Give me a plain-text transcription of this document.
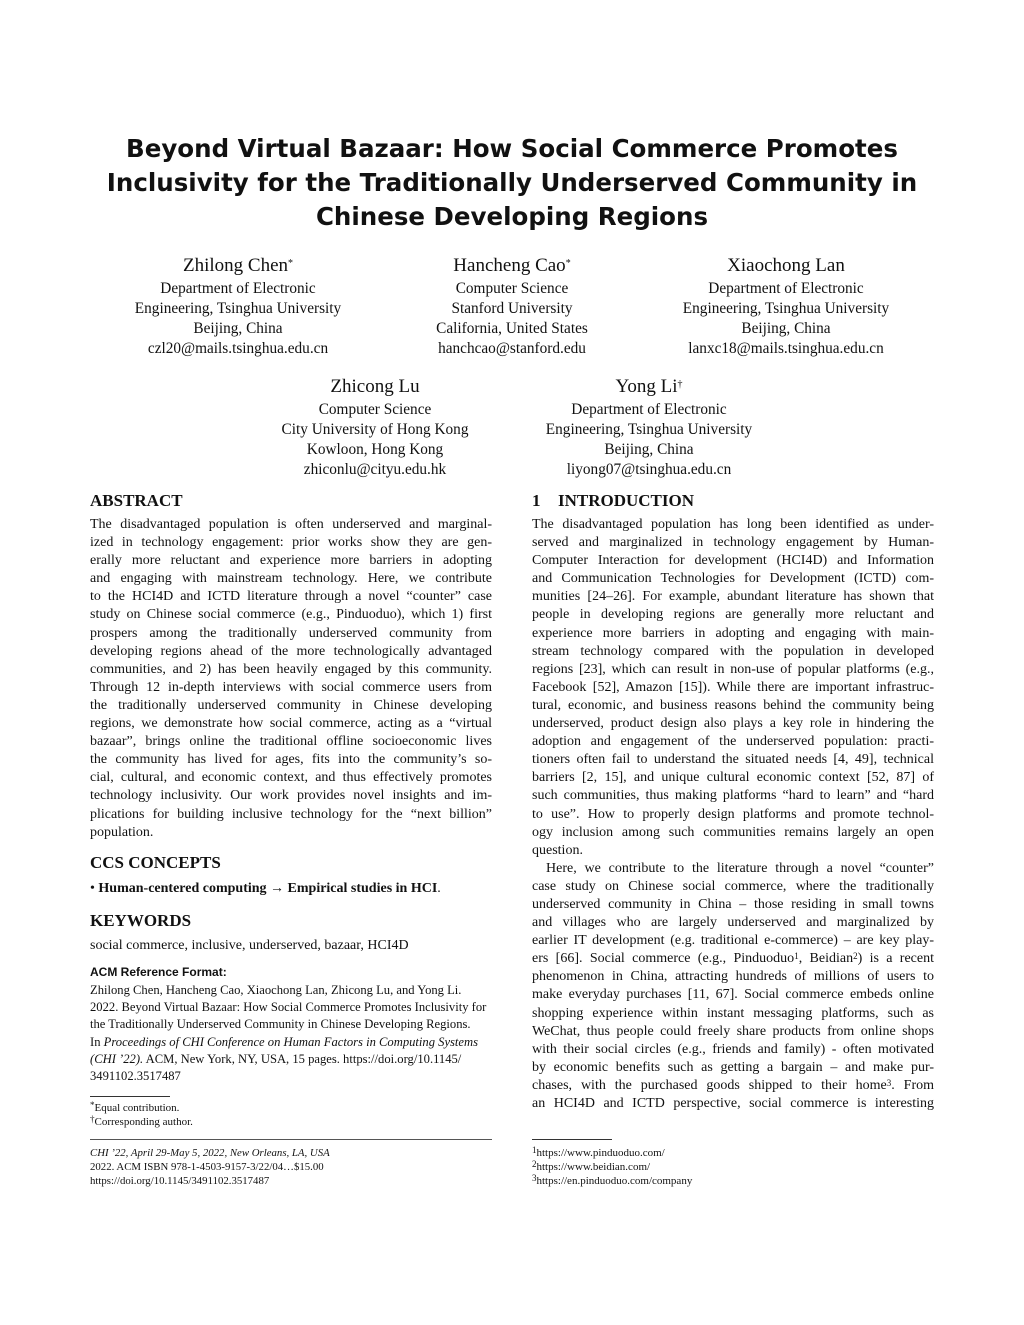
Beyond Virtual Bazaar: How Social Commerce Promotes
Inclusivity for the Traditionally Underserved Community in
Chinese Developing Regions
Zhilong Chen*
Department of Electronic
Engineering, Tsinghua University
Beijing, China
czl20@mails.tsinghua.edu.cn
Hancheng Cao*
Computer Science
Stanford University
California, United States
hanchcao@stanford.edu
Xiaochong Lan
Department of Electronic
Engineering, Tsinghua University
Beijing, China
lanxc18@mails.tsinghua.edu.cn
Zhicong Lu
Computer Science
City University of Hong Kong
Kowloon, Hong Kong
zhiconlu@cityu.edu.hk
Yong Li†
Department of Electronic
Engineering, Tsinghua University
Beijing, China
liyong07@tsinghua.edu.cn
ABSTRACT
The disadvantaged population is often underserved and marginal-
ized in technology engagement: prior works show they are gen-
erally more reluctant and experience more barriers in adopting
and engaging with mainstream technology. Here, we contribute
to the HCI4D and ICTD literature through a novel “counter” case
study on Chinese social commerce (e.g., Pinduoduo), which 1) first
prospers among the traditionally underserved community from
developing regions ahead of the more technologically advantaged
communities, and 2) has been heavily engaged by this community.
Through 12 in-depth interviews with social commerce users from
the traditionally underserved community in Chinese developing
regions, we demonstrate how social commerce, acting as a “virtual
bazaar”, brings online the traditional offline socioeconomic lives
the community has lived for ages, fits into the community’s so-
cial, cultural, and economic context, and thus effectively promotes
technology inclusivity. Our work provides novel insights and im-
plications for building inclusive technology for the “next billion”
population.
CCS CONCEPTS
• Human-centered computing → Empirical studies in HCI.
KEYWORDS
social commerce, inclusive, underserved, bazaar, HCI4D
ACM Reference Format:
Zhilong Chen, Hancheng Cao, Xiaochong Lan, Zhicong Lu, and Yong Li.
2022. Beyond Virtual Bazaar: How Social Commerce Promotes Inclusivity for
the Traditionally Underserved Community in Chinese Developing Regions.
In Proceedings of CHI Conference on Human Factors in Computing Systems
(CHI ’22). ACM, New York, NY, USA, 15 pages. https://doi.org/10.1145/
3491102.3517487
*Equal contribution.
†Corresponding author.
CHI ’22, April 29-May 5, 2022, New Orleans, LA, USA
2022. ACM ISBN 978-1-4503-9157-3/22/04…$15.00
https://doi.org/10.1145/3491102.3517487
1 INTRODUCTION
The disadvantaged population has long been identified as under-
served and marginalized in technology engagement by Human-
Computer Interaction for development (HCI4D) and Information
and Communication Technologies for Development (ICTD) com-
munities [24–26]. For example, abundant literature has shown that
people in developing regions are generally more reluctant and
experience more barriers in adopting and engaging with main-
stream technology compared with the population in developed
regions [23], which can result in non-use of popular platforms (e.g.,
Facebook [52], Amazon [15]). While there are important infrastruc-
tural, economic, and business reasons behind the community being
underserved, product design also plays a key role in hindering the
adoption and engagement of the underserved population: practi-
tioners often fail to understand the situated needs [4, 49], technical
barriers [2, 15], and unique cultural economic context [52, 87] of
such communities, thus making platforms “hard to learn” and “hard
to use”. How to properly design platforms and promote technol-
ogy inclusion among such communities remains largely an open
question.
Here, we contribute to the literature through a novel “counter”
case study on Chinese social commerce, where the traditionally
underserved community in China – those residing in small towns
and villages who are largely underserved and marginalized by
earlier IT development (e.g. traditional e-commerce) – are key play-
ers [66]. Social commerce (e.g., Pinduoduo$^1$, Beidian$^2$) is a recent
phenomenon in China, attracting hundreds of millions of users to
make everyday purchases [11, 67]. Social commerce embeds online
shopping experience within instant messaging platforms, such as
WeChat, thus people could freely share products from online shops
with their social circles (e.g., friends and family) - often motivated
by economic benefits such as getting a bargain – and make pur-
chases, with the purchased goods shipped to their home$^3$. From
an HCI4D and ICTD perspective, social commerce is interesting
$^1$https://www.pinduoduo.com/
$^2$https://www.beidian.com/
$^3$https://en.pinduoduo.com/company
